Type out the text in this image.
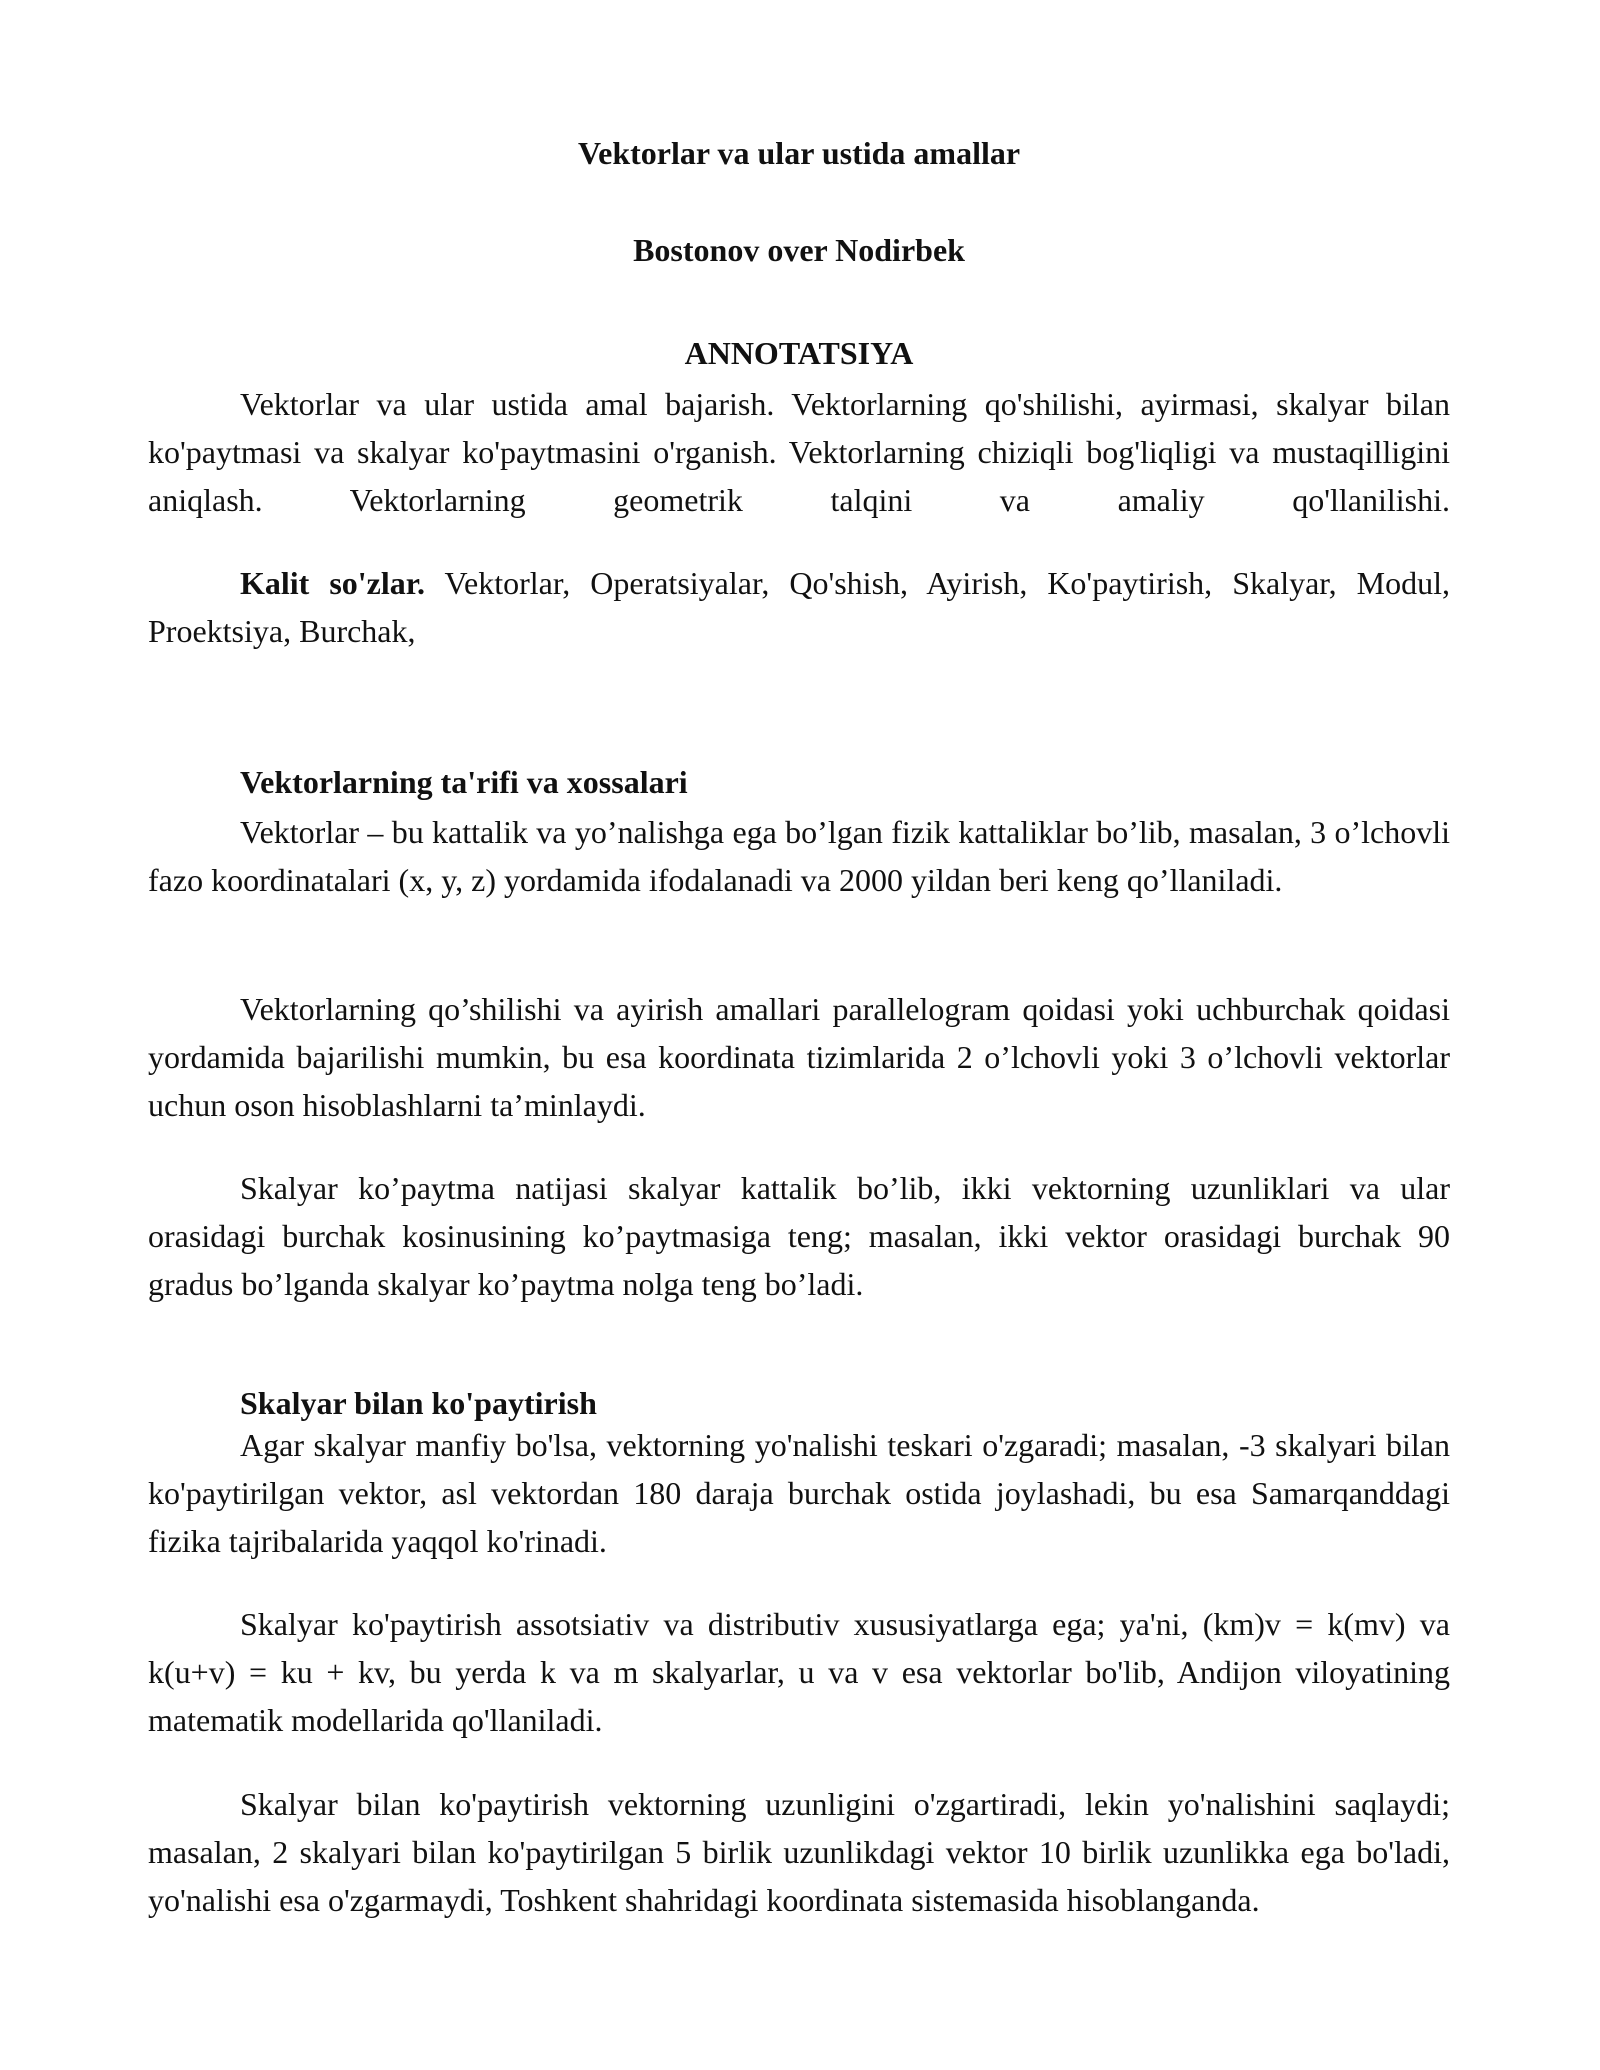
Vektorlar va ular ustida amallar
Bostonov over Nodirbek
ANNOTATSIYA

Vektorlar va ular ustida amal bajarish. Vektorlarning qo'shilishi, ayirmasi, skalyar bilan ko'paytmasi va skalyar ko'paytmasini o'rganish. Vektorlarning chiziqli bog'liqligi va mustaqilligini aniqlash. Vektorlarning geometrik talqini va amaliy qo'llanilishi.

Kalit so'zlar. Vektorlar, Operatsiyalar, Qo'shish, Ayirish, Ko'paytirish, Skalyar, Modul, Proektsiya, Burchak,

Vektorlarning ta'rifi va xossalari

Vektorlar – bu kattalik va yo’nalishga ega bo’lgan fizik kattaliklar bo’lib, masalan, 3 o’lchovli fazo koordinatalari (x, y, z) yordamida ifodalanadi va 2000 yildan beri keng qo’llaniladi.

Vektorlarning qo’shilishi va ayirish amallari parallelogram qoidasi yoki uchburchak qoidasi yordamida bajarilishi mumkin, bu esa koordinata tizimlarida 2 o’lchovli yoki 3 o’lchovli vektorlar uchun oson hisoblashlarni ta’minlaydi.

Skalyar ko’paytma natijasi skalyar kattalik bo’lib, ikki vektorning uzunliklari va ular orasidagi burchak kosinusining ko’paytmasiga teng; masalan, ikki vektor orasidagi burchak 90 gradus bo’lganda skalyar ko’paytma nolga teng bo’ladi.

Skalyar bilan ko'paytirish

Agar skalyar manfiy bo'lsa, vektorning yo'nalishi teskari o'zgaradi; masalan, -3 skalyari bilan ko'paytirilgan vektor, asl vektordan 180 daraja burchak ostida joylashadi, bu esa Samarqanddagi fizika tajribalarida yaqqol ko'rinadi.

Skalyar ko'paytirish assotsiativ va distributiv xususiyatlarga ega; ya'ni, (km)v = k(mv) va k(u+v) = ku + kv, bu yerda k va m skalyarlar, u va v esa vektorlar bo'lib, Andijon viloyatining matematik modellarida qo'llaniladi.

Skalyar bilan ko'paytirish vektorning uzunligini o'zgartiradi, lekin yo'nalishini saqlaydi; masalan, 2 skalyari bilan ko'paytirilgan 5 birlik uzunlikdagi vektor 10 birlik uzunlikka ega bo'ladi, yo'nalishi esa o'zgarmaydi, Toshkent shahridagi koordinata sistemasida hisoblanganda.
